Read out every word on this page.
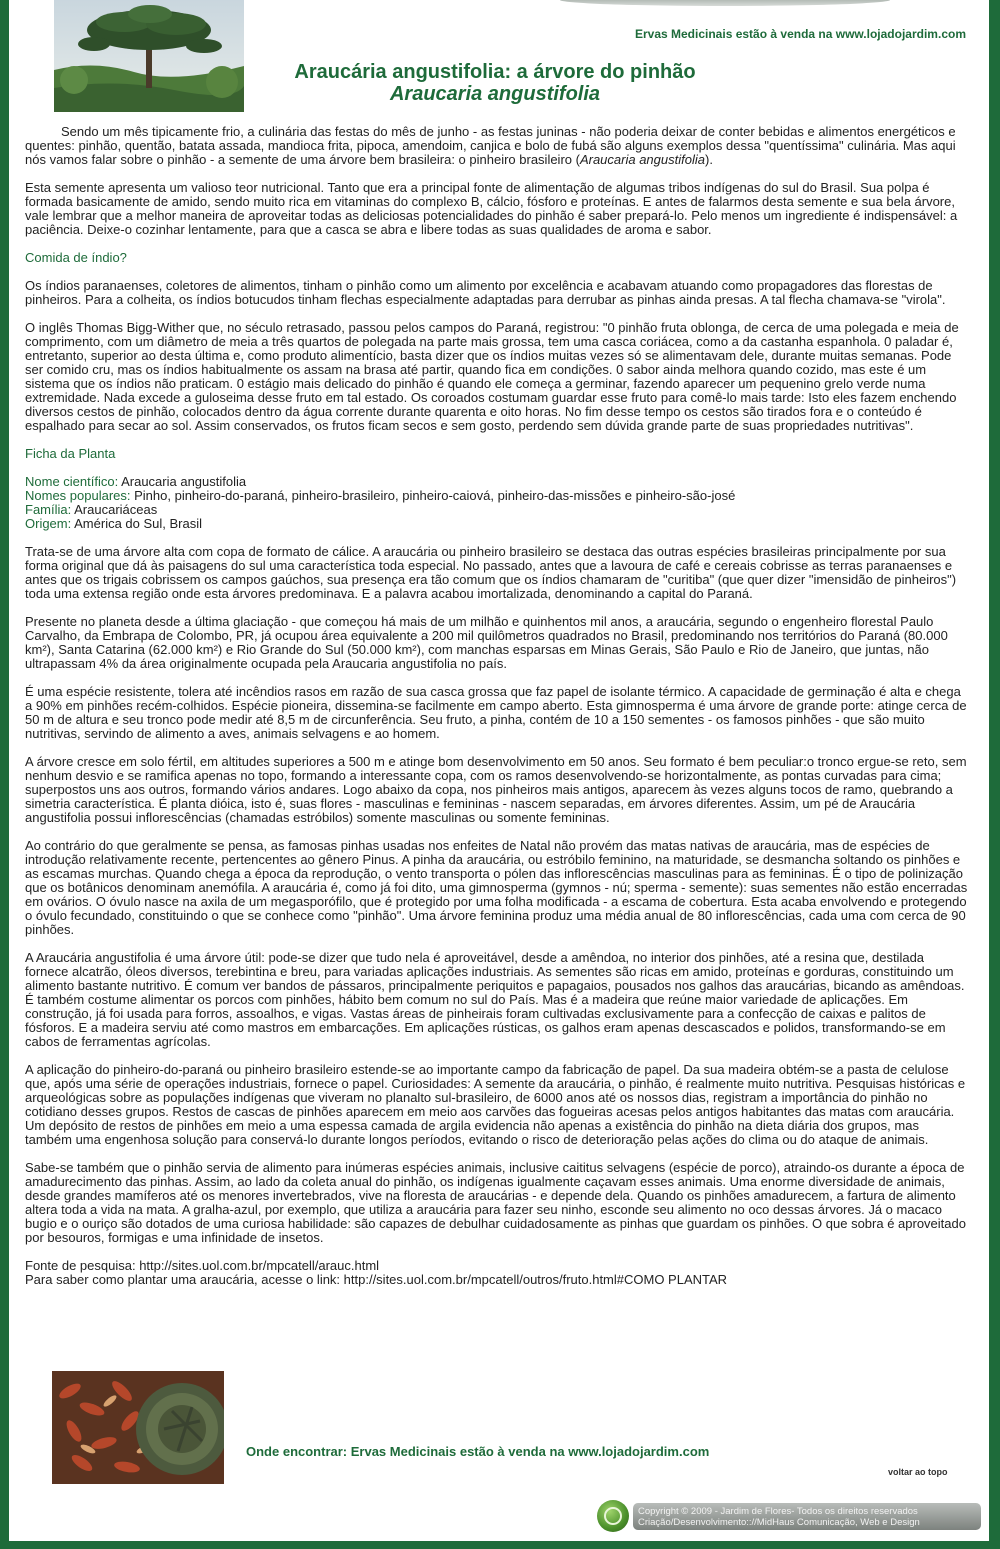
Ervas Medicinais estão à venda na www.lojadojardim.com
Araucária angustifolia: a árvore do pinhão
Araucaria angustifolia

Sendo um mês tipicamente frio, a culinária das festas do mês de junho - as festas juninas - não poderia deixar de conter bebidas e alimentos energéticos e quentes: pinhão, quentão, batata assada, mandioca frita, pipoca, amendoim, canjica e bolo de fubá são alguns exemplos dessa "quentíssima" culinária. Mas aqui nós vamos falar sobre o pinhão - a semente de uma árvore bem brasileira: o pinheiro brasileiro (Araucaria angustifolia).

Esta semente apresenta um valioso teor nutricional. Tanto que era a principal fonte de alimentação de algumas tribos indígenas do sul do Brasil. Sua polpa é formada basicamente de amido, sendo muito rica em vitaminas do complexo B, cálcio, fósforo e proteínas. E antes de falarmos desta semente e sua bela árvore, vale lembrar que a melhor maneira de aproveitar todas as deliciosas potencialidades do pinhão é saber prepará-lo. Pelo menos um ingrediente é indispensável: a paciência. Deixe-o cozinhar lentamente, para que a casca se abra e libere todas as suas qualidades de aroma e sabor.

Comida de índio?

Os índios paranaenses, coletores de alimentos, tinham o pinhão como um alimento por excelência e acabavam atuando como propagadores das florestas de pinheiros. Para a colheita, os índios botucudos tinham flechas especialmente adaptadas para derrubar as pinhas ainda presas. A tal flecha chamava-se "virola".

O inglês Thomas Bigg-Wither que, no século retrasado, passou pelos campos do Paraná, registrou: "0 pinhão fruta oblonga, de cerca de uma polegada e meia de comprimento, com um diâmetro de meia a três quartos de polegada na parte mais grossa, tem uma casca coriácea, como a da castanha espanhola. 0 paladar é, entretanto, superior ao desta última e, como produto alimentício, basta dizer que os índios muitas vezes só se alimentavam dele, durante muitas semanas. Pode ser comido cru, mas os índios habitualmente os assam na brasa até partir, quando fica em condições. 0 sabor ainda melhora quando cozido, mas este é um sistema que os índios não praticam. 0 estágio mais delicado do pinhão é quando ele começa a germinar, fazendo aparecer um pequenino grelo verde numa extremidade. Nada excede a guloseima desse fruto em tal estado. Os coroados costumam guardar esse fruto para comê-lo mais tarde: Isto eles fazem enchendo diversos cestos de pinhão, colocados dentro da água corrente durante quarenta e oito horas. No fim desse tempo os cestos são tirados fora e o conteúdo é espalhado para secar ao sol. Assim conservados, os frutos ficam secos e sem gosto, perdendo sem dúvida grande parte de suas propriedades nutritivas".

Ficha da Planta

Nome científico: Araucaria angustifolia
Nomes populares: Pinho, pinheiro-do-paraná, pinheiro-brasileiro, pinheiro-caiová, pinheiro-das-missões e pinheiro-são-josé
Família: Araucariáceas
Origem: América do Sul, Brasil

Trata-se de uma árvore alta com copa de formato de cálice. A araucária ou pinheiro brasileiro se destaca das outras espécies brasileiras principalmente por sua forma original que dá às paisagens do sul uma característica toda especial. No passado, antes que a lavoura de café e cereais cobrisse as terras paranaenses e antes que os trigais cobrissem os campos gaúchos, sua presença era tão comum que os índios chamaram de "curitiba" (que quer dizer "imensidão de pinheiros") toda uma extensa região onde esta árvores predominava. E a palavra acabou imortalizada, denominando a capital do Paraná.

Presente no planeta desde a última glaciação - que começou há mais de um milhão e quinhentos mil anos, a araucária, segundo o engenheiro florestal Paulo Carvalho, da Embrapa de Colombo, PR, já ocupou área equivalente a 200 mil quilômetros quadrados no Brasil, predominando nos territórios do Paraná (80.000 km²), Santa Catarina (62.000 km²) e Rio Grande do Sul (50.000 km²), com manchas esparsas em Minas Gerais, São Paulo e Rio de Janeiro, que juntas, não ultrapassam 4% da área originalmente ocupada pela Araucaria angustifolia no país.

É uma espécie resistente, tolera até incêndios rasos em razão de sua casca grossa que faz papel de isolante térmico. A capacidade de germinação é alta e chega a 90% em pinhões recém-colhidos. Espécie pioneira, dissemina-se facilmente em campo aberto. Esta gimnosperma é uma árvore de grande porte: atinge cerca de 50 m de altura e seu tronco pode medir até 8,5 m de circunferência. Seu fruto, a pinha, contém de 10 a 150 sementes - os famosos pinhões - que são muito nutritivas, servindo de alimento a aves, animais selvagens e ao homem.

A árvore cresce em solo fértil, em altitudes superiores a 500 m e atinge bom desenvolvimento em 50 anos. Seu formato é bem peculiar:o tronco ergue-se reto, sem nenhum desvio e se ramifica apenas no topo, formando a interessante copa, com os ramos desenvolvendo-se horizontalmente, as pontas curvadas para cima; superpostos uns aos outros, formando vários andares. Logo abaixo da copa, nos pinheiros mais antigos, aparecem às vezes alguns tocos de ramo, quebrando a simetria característica. É planta dióica, isto é, suas flores - masculinas e femininas - nascem separadas, em árvores diferentes. Assim, um pé de Araucária angustifolia possui inflorescências (chamadas estróbilos) somente masculinas ou somente femininas.

Ao contrário do que geralmente se pensa, as famosas pinhas usadas nos enfeites de Natal não provém das matas nativas de araucária, mas de espécies de introdução relativamente recente, pertencentes ao gênero Pinus. A pinha da araucária, ou estróbilo feminino, na maturidade, se desmancha soltando os pinhões e as escamas murchas. Quando chega a época da reprodução, o vento transporta o pólen das inflorescências masculinas para as femininas. É o tipo de polinização que os botânicos denominam anemófila. A araucária é, como já foi dito, uma gimnosperma (gymnos - nú; sperma - semente): suas sementes não estão encerradas em ovários. O óvulo nasce na axila de um megasporófilo, que é protegido por uma folha modificada - a escama de cobertura. Esta acaba envolvendo e protegendo o óvulo fecundado, constituindo o que se conhece como "pinhão". Uma árvore feminina produz uma média anual de 80 inflorescências, cada uma com cerca de 90 pinhões.

A Araucária angustifolia é uma árvore útil: pode-se dizer que tudo nela é aproveitável, desde a amêndoa, no interior dos pinhões, até a resina que, destilada fornece alcatrão, óleos diversos, terebintina e breu, para variadas aplicações industriais. As sementes são ricas em amido, proteínas e gorduras, constituindo um alimento bastante nutritivo. É comum ver bandos de pássaros, principalmente periquitos e papagaios, pousados nos galhos das araucárias, bicando as amêndoas. É também costume alimentar os porcos com pinhões, hábito bem comum no sul do País. Mas é a madeira que reúne maior variedade de aplicações. Em construção, já foi usada para forros, assoalhos, e vigas. Vastas áreas de pinheirais foram cultivadas exclusivamente para a confecção de caixas e palitos de fósforos. E a madeira serviu até como mastros em embarcações. Em aplicações rústicas, os galhos eram apenas descascados e polidos, transformando-se em cabos de ferramentas agrícolas.

A aplicação do pinheiro-do-paraná ou pinheiro brasileiro estende-se ao importante campo da fabricação de papel. Da sua madeira obtém-se a pasta de celulose que, após uma série de operações industriais, fornece o papel. Curiosidades: A semente da araucária, o pinhão, é realmente muito nutritiva. Pesquisas históricas e arqueológicas sobre as populações indígenas que viveram no planalto sul-brasileiro, de 6000 anos até os nossos dias, registram a importância do pinhão no cotidiano desses grupos. Restos de cascas de pinhões aparecem em meio aos carvões das fogueiras acesas pelos antigos habitantes das matas com araucária. Um depósito de restos de pinhões em meio a uma espessa camada de argila evidencia não apenas a existência do pinhão na dieta diária dos grupos, mas também uma engenhosa solução para conservá-lo durante longos períodos, evitando o risco de deterioração pelas ações do clima ou do ataque de animais.

Sabe-se também que o pinhão servia de alimento para inúmeras espécies animais, inclusive caititus selvagens (espécie de porco), atraindo-os durante a época de amadurecimento das pinhas. Assim, ao lado da coleta anual do pinhão, os indígenas igualmente caçavam esses animais. Uma enorme diversidade de animais, desde grandes mamíferos até os menores invertebrados, vive na floresta de araucárias - e depende dela. Quando os pinhões amadurecem, a fartura de alimento altera toda a vida na mata. A gralha-azul, por exemplo, que utiliza a araucária para fazer seu ninho, esconde seu alimento no oco dessas árvores. Já o macaco bugio e o ouriço são dotados de uma curiosa habilidade: são capazes de debulhar cuidadosamente as pinhas que guardam os pinhões. O que sobra é aproveitado por besouros, formigas e uma infinidade de insetos.

Fonte de pesquisa: http://sites.uol.com.br/mpcatell/arauc.html
Para saber como plantar uma araucária, acesse o link: http://sites.uol.com.br/mpcatell/outros/fruto.html#COMO PLANTAR
Onde encontrar: Ervas Medicinais estão à venda na www.lojadojardim.com
voltar ao topo
Copyright © 2009 - Jardim de Flores- Todos os direitos reservados
Criação/Desenvolvimento:://MidHaus Comunicação, Web e Design
